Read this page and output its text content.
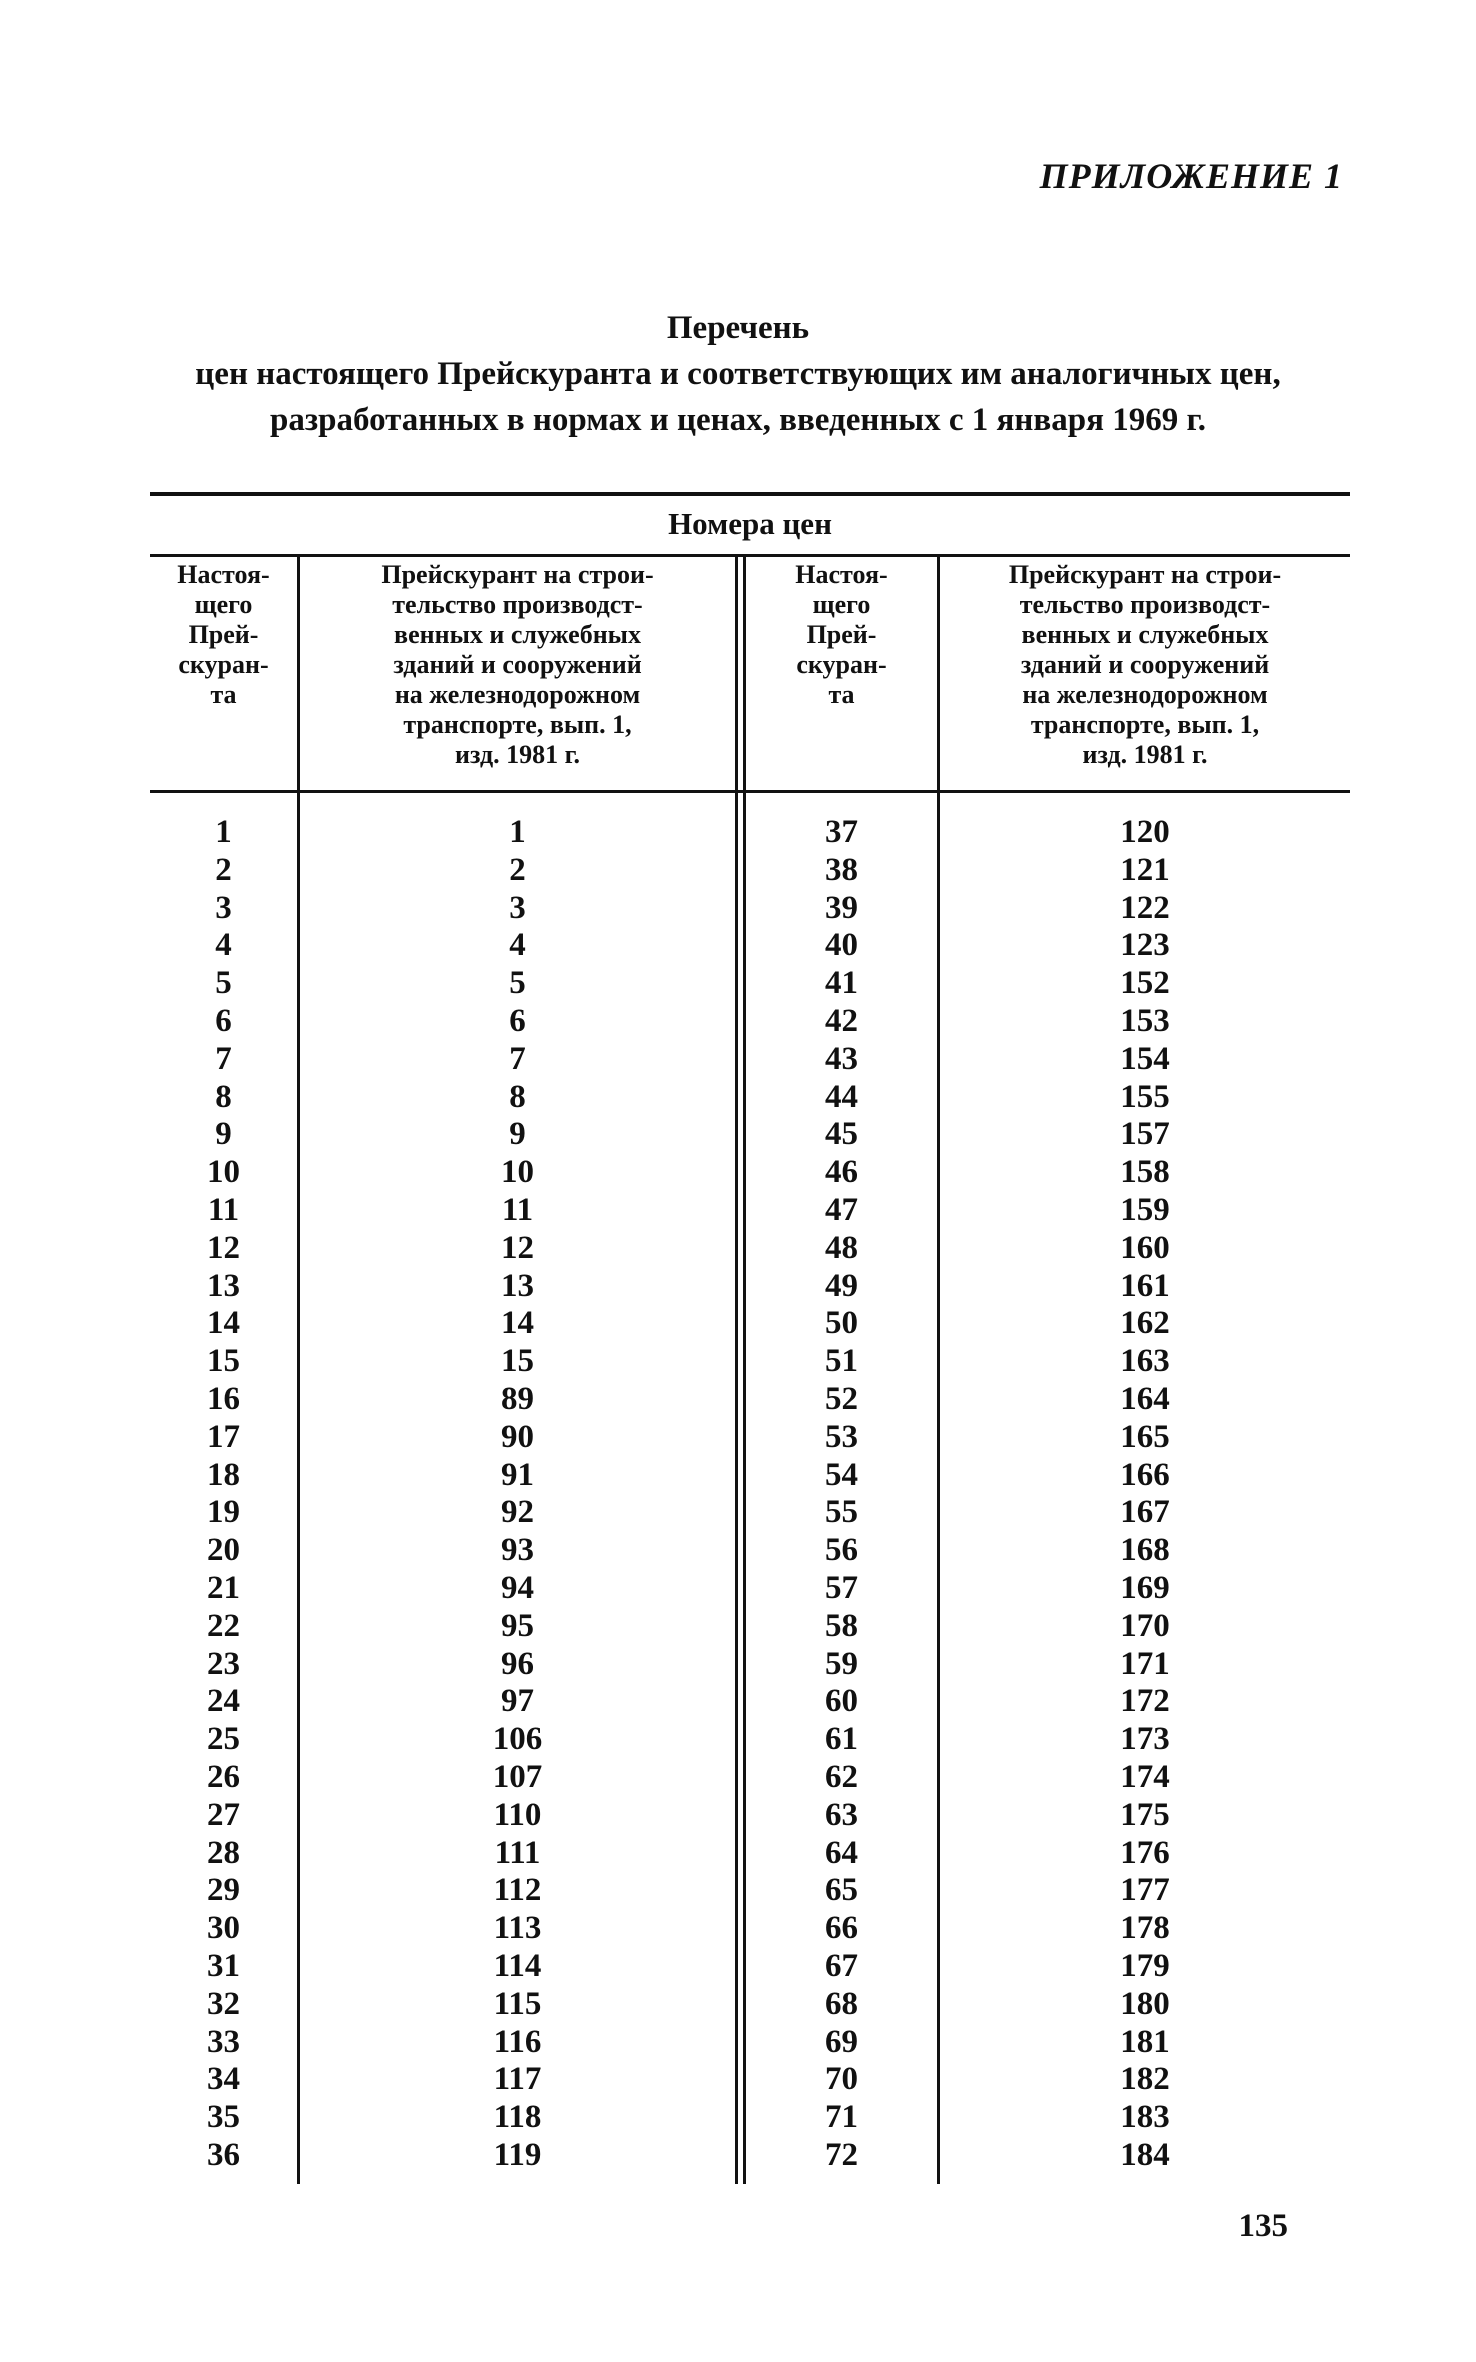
ПРИЛОЖЕНИЕ 1
Перечень
цен настоящего Прейскуранта и соответствующих им аналогичных цен,
разработанных в нормах и ценах, введенных с 1 января 1969 г.
Номера цен
Настоя-
щего
Прей-
скуран-
та
Прейскурант на строи-
тельство производст-
венных и служебных
зданий и сооружений
на железнодорожном
транспорте, вып. 1,
изд. 1981 г.
Настоя-
щего
Прей-
скуран-
та
Прейскурант на строи-
тельство производст-
венных и служебных
зданий и сооружений
на железнодорожном
транспорте, вып. 1,
изд. 1981 г.
1
2
3
4
5
6
7
8
9
10
11
12
13
14
15
16
17
18
19
20
21
22
23
24
25
26
27
28
29
30
31
32
33
34
35
36
1
2
3
4
5
6
7
8
9
10
11
12
13
14
15
89
90
91
92
93
94
95
96
97
106
107
110
111
112
113
114
115
116
117
118
119
37
38
39
40
41
42
43
44
45
46
47
48
49
50
51
52
53
54
55
56
57
58
59
60
61
62
63
64
65
66
67
68
69
70
71
72
120
121
122
123
152
153
154
155
157
158
159
160
161
162
163
164
165
166
167
168
169
170
171
172
173
174
175
176
177
178
179
180
181
182
183
184
135
